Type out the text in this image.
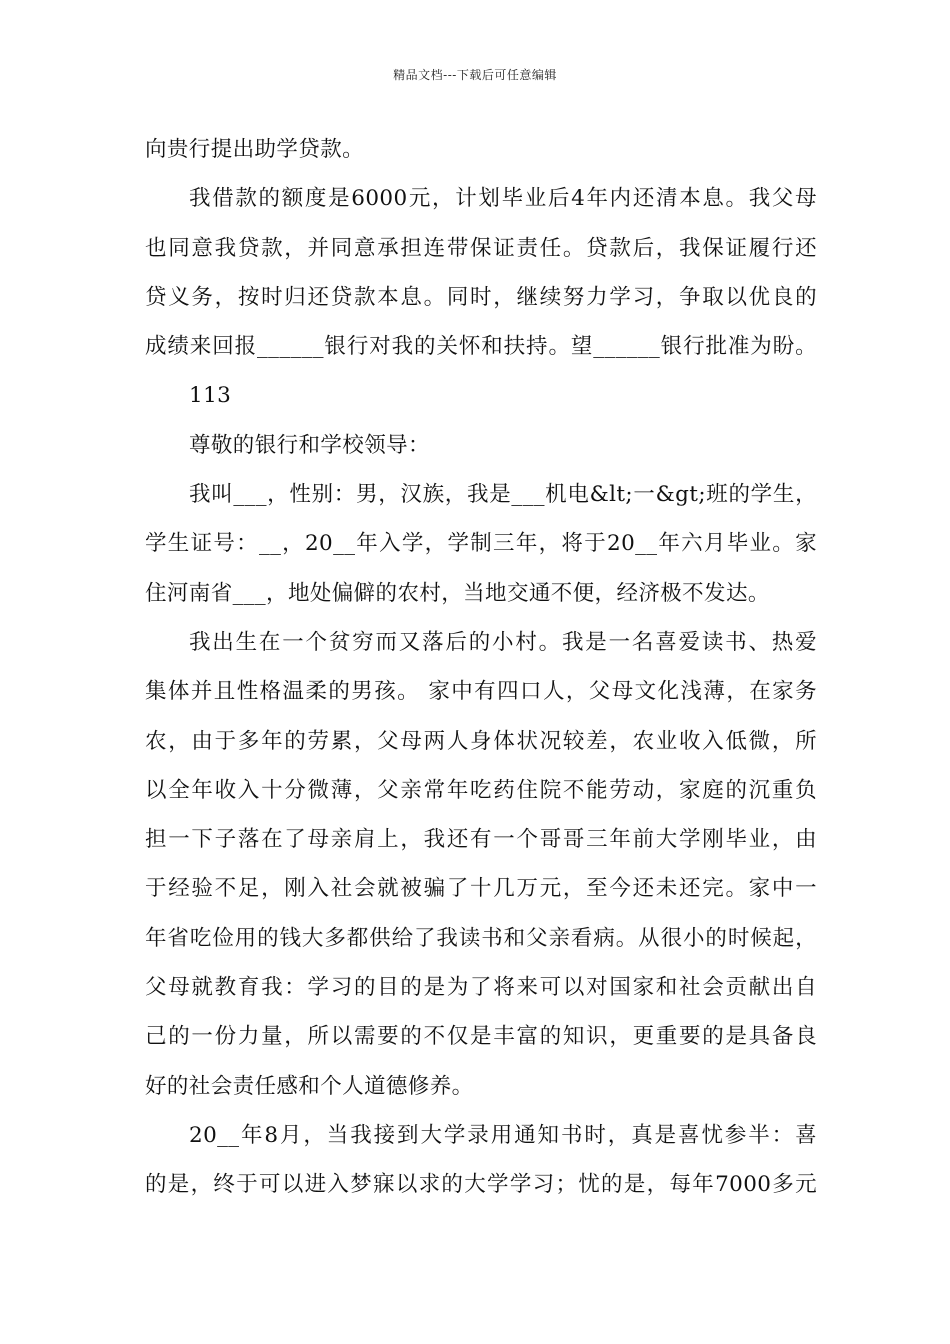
精品文档---下载后可任意编辑
向贵行提出助学贷款。
我借款的额度是6000元，计划毕业后4年内还清本息。我父母
也同意我贷款，并同意承担连带保证责任。贷款后，我保证履行还
贷义务，按时归还贷款本息。同时，继续努力学习，争取以优良的
成绩来回报______银行对我的关怀和扶持。望______银行批准为盼。
113
尊敬的银行和学校领导：
我叫___，性别：男，汉族，我是___机电&lt;一&gt;班的学生，
学生证号：__，20__年入学，学制三年，将于20__年六月毕业。家
住河南省___，地处偏僻的农村，当地交通不便，经济极不发达。
我出生在一个贫穷而又落后的小村。我是一名喜爱读书、热爱
集体并且性格温柔的男孩。 家中有四口人，父母文化浅薄，在家务
农，由于多年的劳累，父母两人身体状况较差，农业收入低微，所
以全年收入十分微薄，父亲常年吃药住院不能劳动，家庭的沉重负
担一下子落在了母亲肩上，我还有一个哥哥三年前大学刚毕业，由
于经验不足，刚入社会就被骗了十几万元，至今还未还完。家中一
年省吃俭用的钱大多都供给了我读书和父亲看病。从很小的时候起，
父母就教育我：学习的目的是为了将来可以对国家和社会贡献出自
己的一份力量，所以需要的不仅是丰富的知识，更重要的是具备良
好的社会责任感和个人道德修养。
20__年8月，当我接到大学录用通知书时，真是喜忧参半：喜
的是，终于可以进入梦寐以求的大学学习；忧的是，每年7000多元
